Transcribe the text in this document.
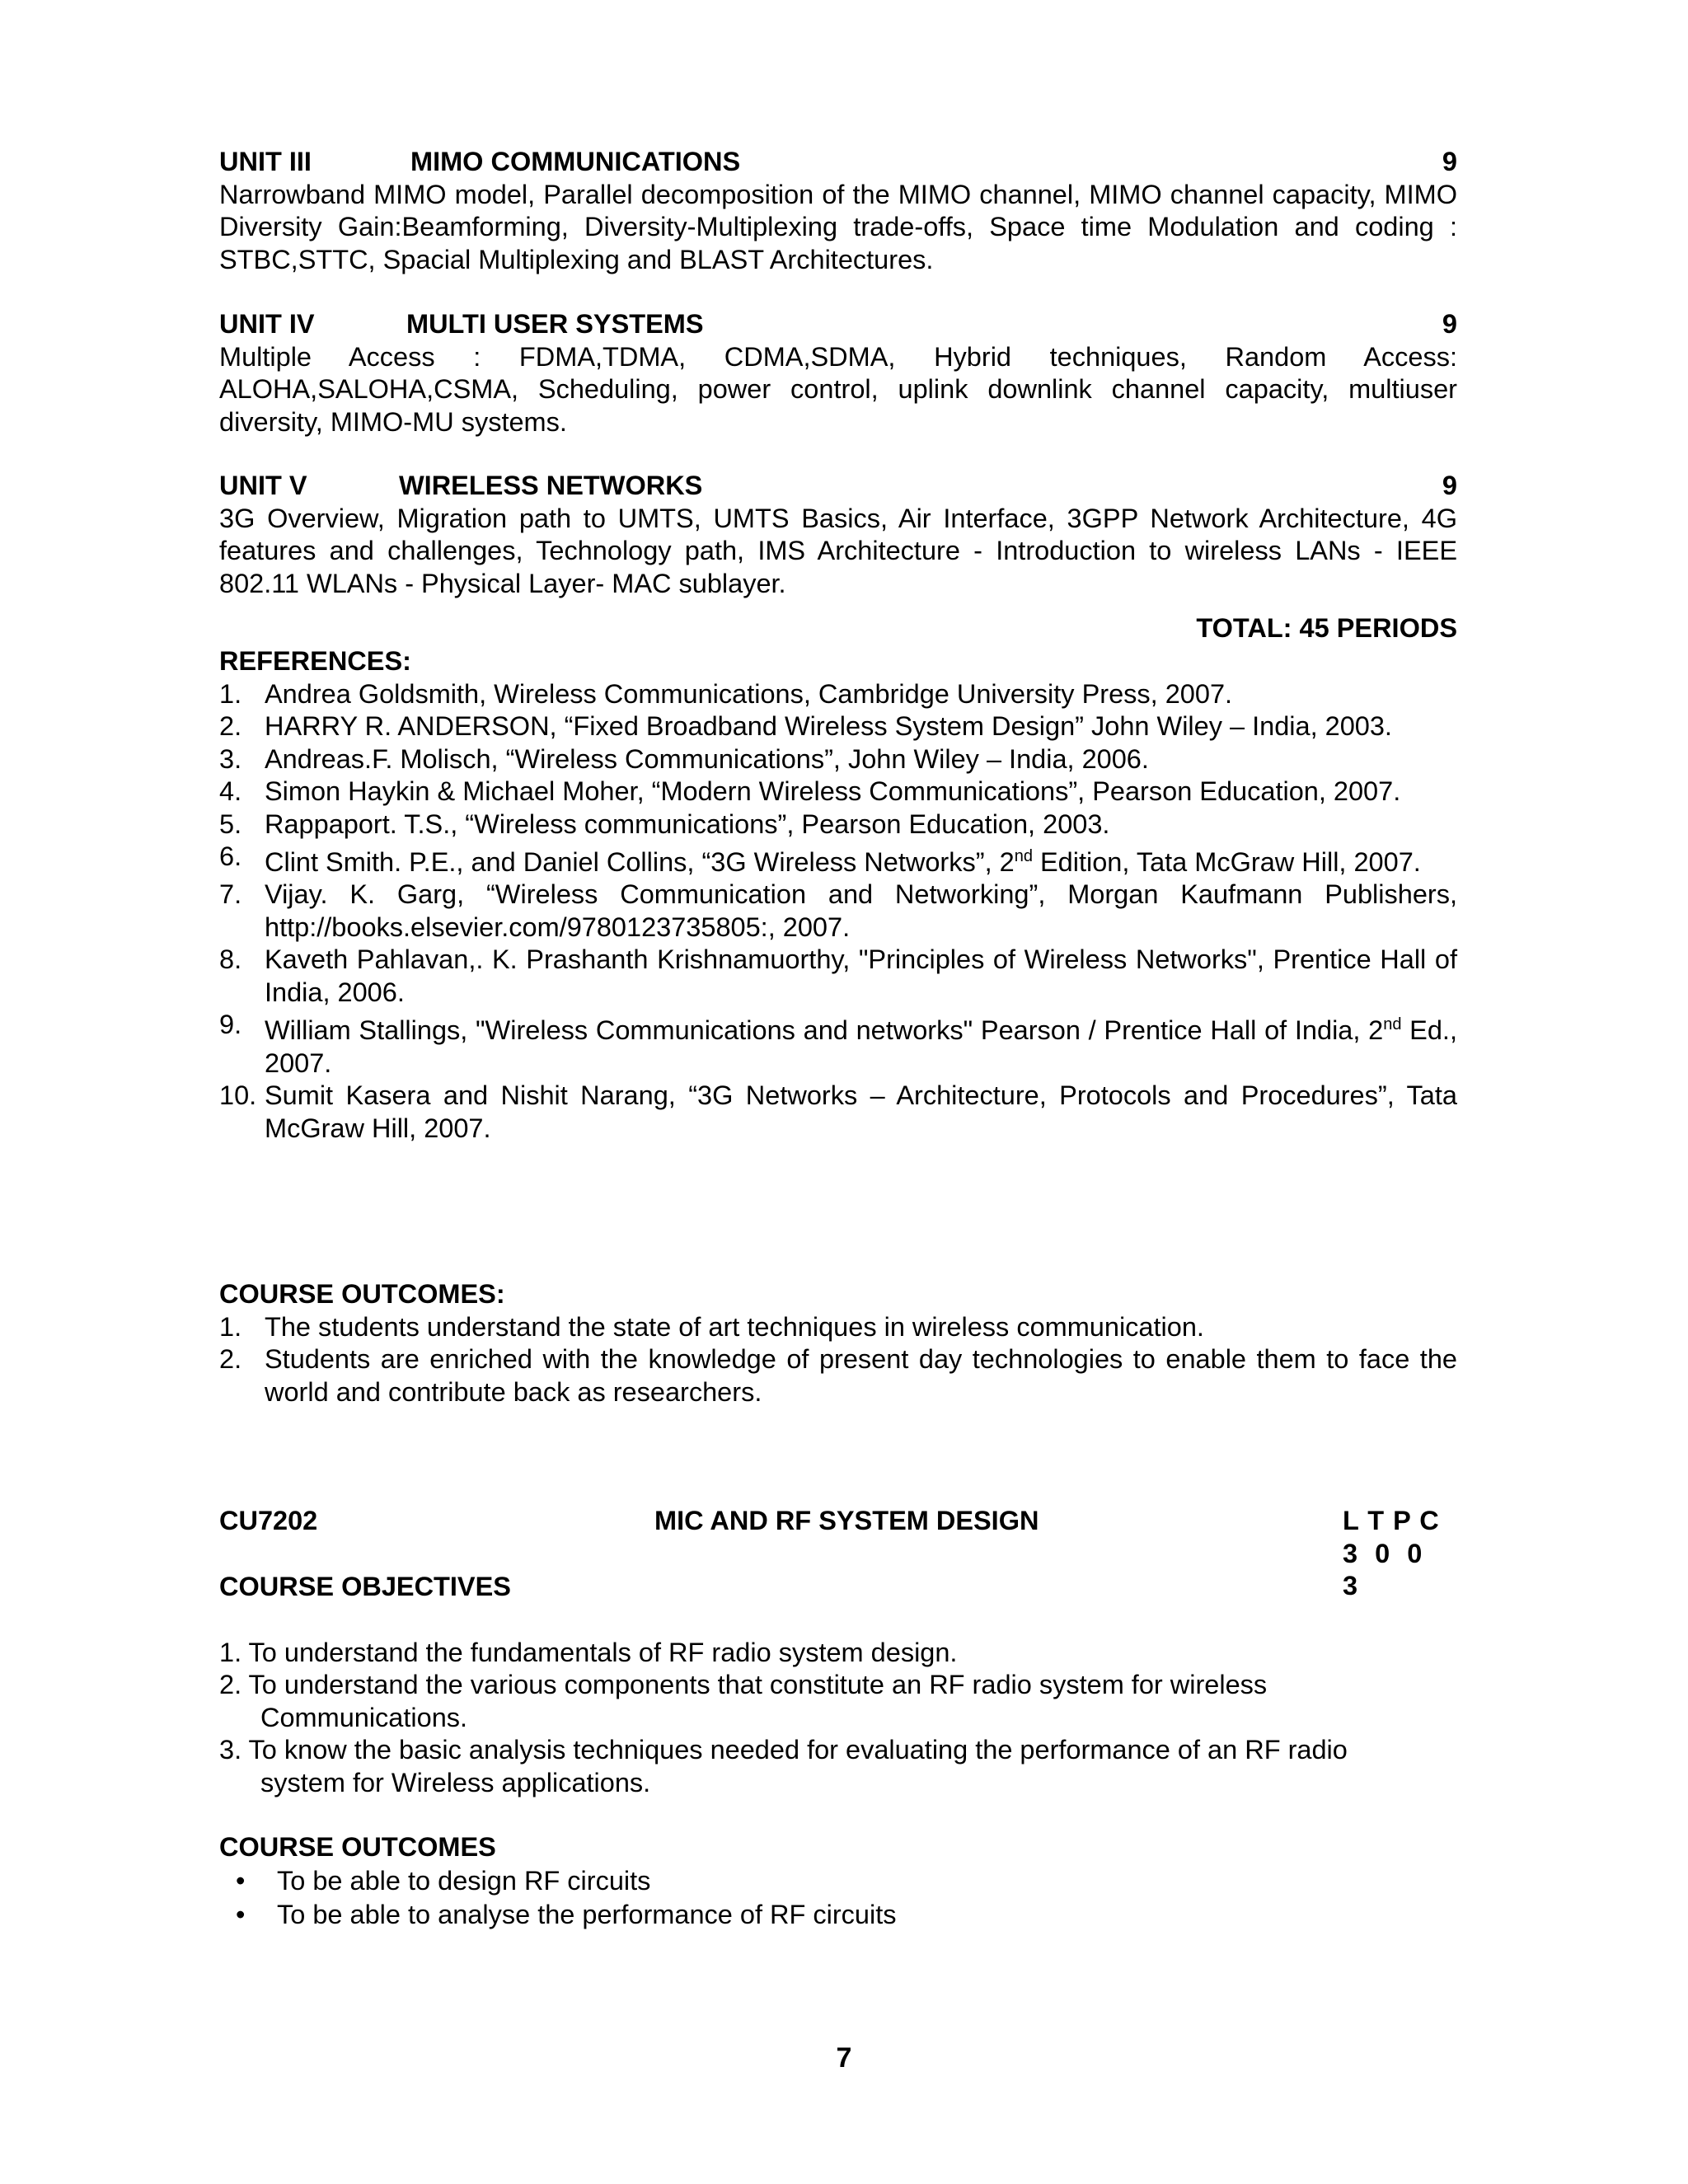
UNIT III	MIMO COMMUNICATIONS	9

Narrowband MIMO model, Parallel decomposition of the MIMO channel, MIMO channel capacity, MIMO Diversity Gain:Beamforming, Diversity-Multiplexing trade-offs, Space time Modulation and coding : STBC,STTC, Spacial Multiplexing and BLAST Architectures.

UNIT IV	MULTI USER SYSTEMS	9

Multiple Access : FDMA,TDMA, CDMA,SDMA, Hybrid techniques, Random Access: ALOHA,SALOHA,CSMA, Scheduling, power control, uplink downlink channel capacity, multiuser diversity, MIMO-MU systems.

UNIT V	WIRELESS NETWORKS	9

3G Overview, Migration path to UMTS, UMTS Basics, Air Interface, 3GPP Network Architecture, 4G features and challenges, Technology path, IMS Architecture - Introduction to wireless LANs - IEEE 802.11 WLANs - Physical Layer- MAC sublayer.

TOTAL: 45 PERIODS

REFERENCES:

1. Andrea Goldsmith, Wireless Communications, Cambridge University Press, 2007.
2. HARRY R. ANDERSON, “Fixed Broadband Wireless System Design” John Wiley – India, 2003.
3. Andreas.F. Molisch, “Wireless Communications”, John Wiley – India, 2006.
4. Simon Haykin & Michael Moher, “Modern Wireless Communications”, Pearson Education, 2007.
5. Rappaport. T.S., “Wireless communications”, Pearson Education, 2003.
6. Clint Smith. P.E., and Daniel Collins, “3G Wireless Networks”, 2nd Edition, Tata McGraw Hill, 2007.
7. Vijay. K. Garg, “Wireless Communication and Networking”, Morgan Kaufmann Publishers, http://books.elsevier.com/9780123735805:, 2007.
8. Kaveth Pahlavan,. K. Prashanth Krishnamuorthy, "Principles of Wireless Networks", Prentice Hall of India, 2006.
9. William Stallings, "Wireless Communications and networks" Pearson / Prentice Hall of India, 2nd Ed., 2007.
10. Sumit Kasera and Nishit Narang, “3G Networks – Architecture, Protocols and Procedures”, Tata McGraw Hill, 2007.

COURSE OUTCOMES:

1. The students understand the state of art techniques in wireless communication.
2. Students are enriched with the knowledge of present day technologies to enable them to face the world and contribute back as researchers.
CU7202	MIC AND RF SYSTEM DESIGN	L T P C
3 0 0 3

COURSE OBJECTIVES

1. To understand the fundamentals of RF radio system design.
2. To understand the various components that constitute an RF radio system for wireless
Communications.
3. To know the basic analysis techniques needed for evaluating the performance of an RF radio
system for Wireless applications.

COURSE OUTCOMES

• To be able to design RF circuits
• To be able to analyse the performance of RF circuits
7
